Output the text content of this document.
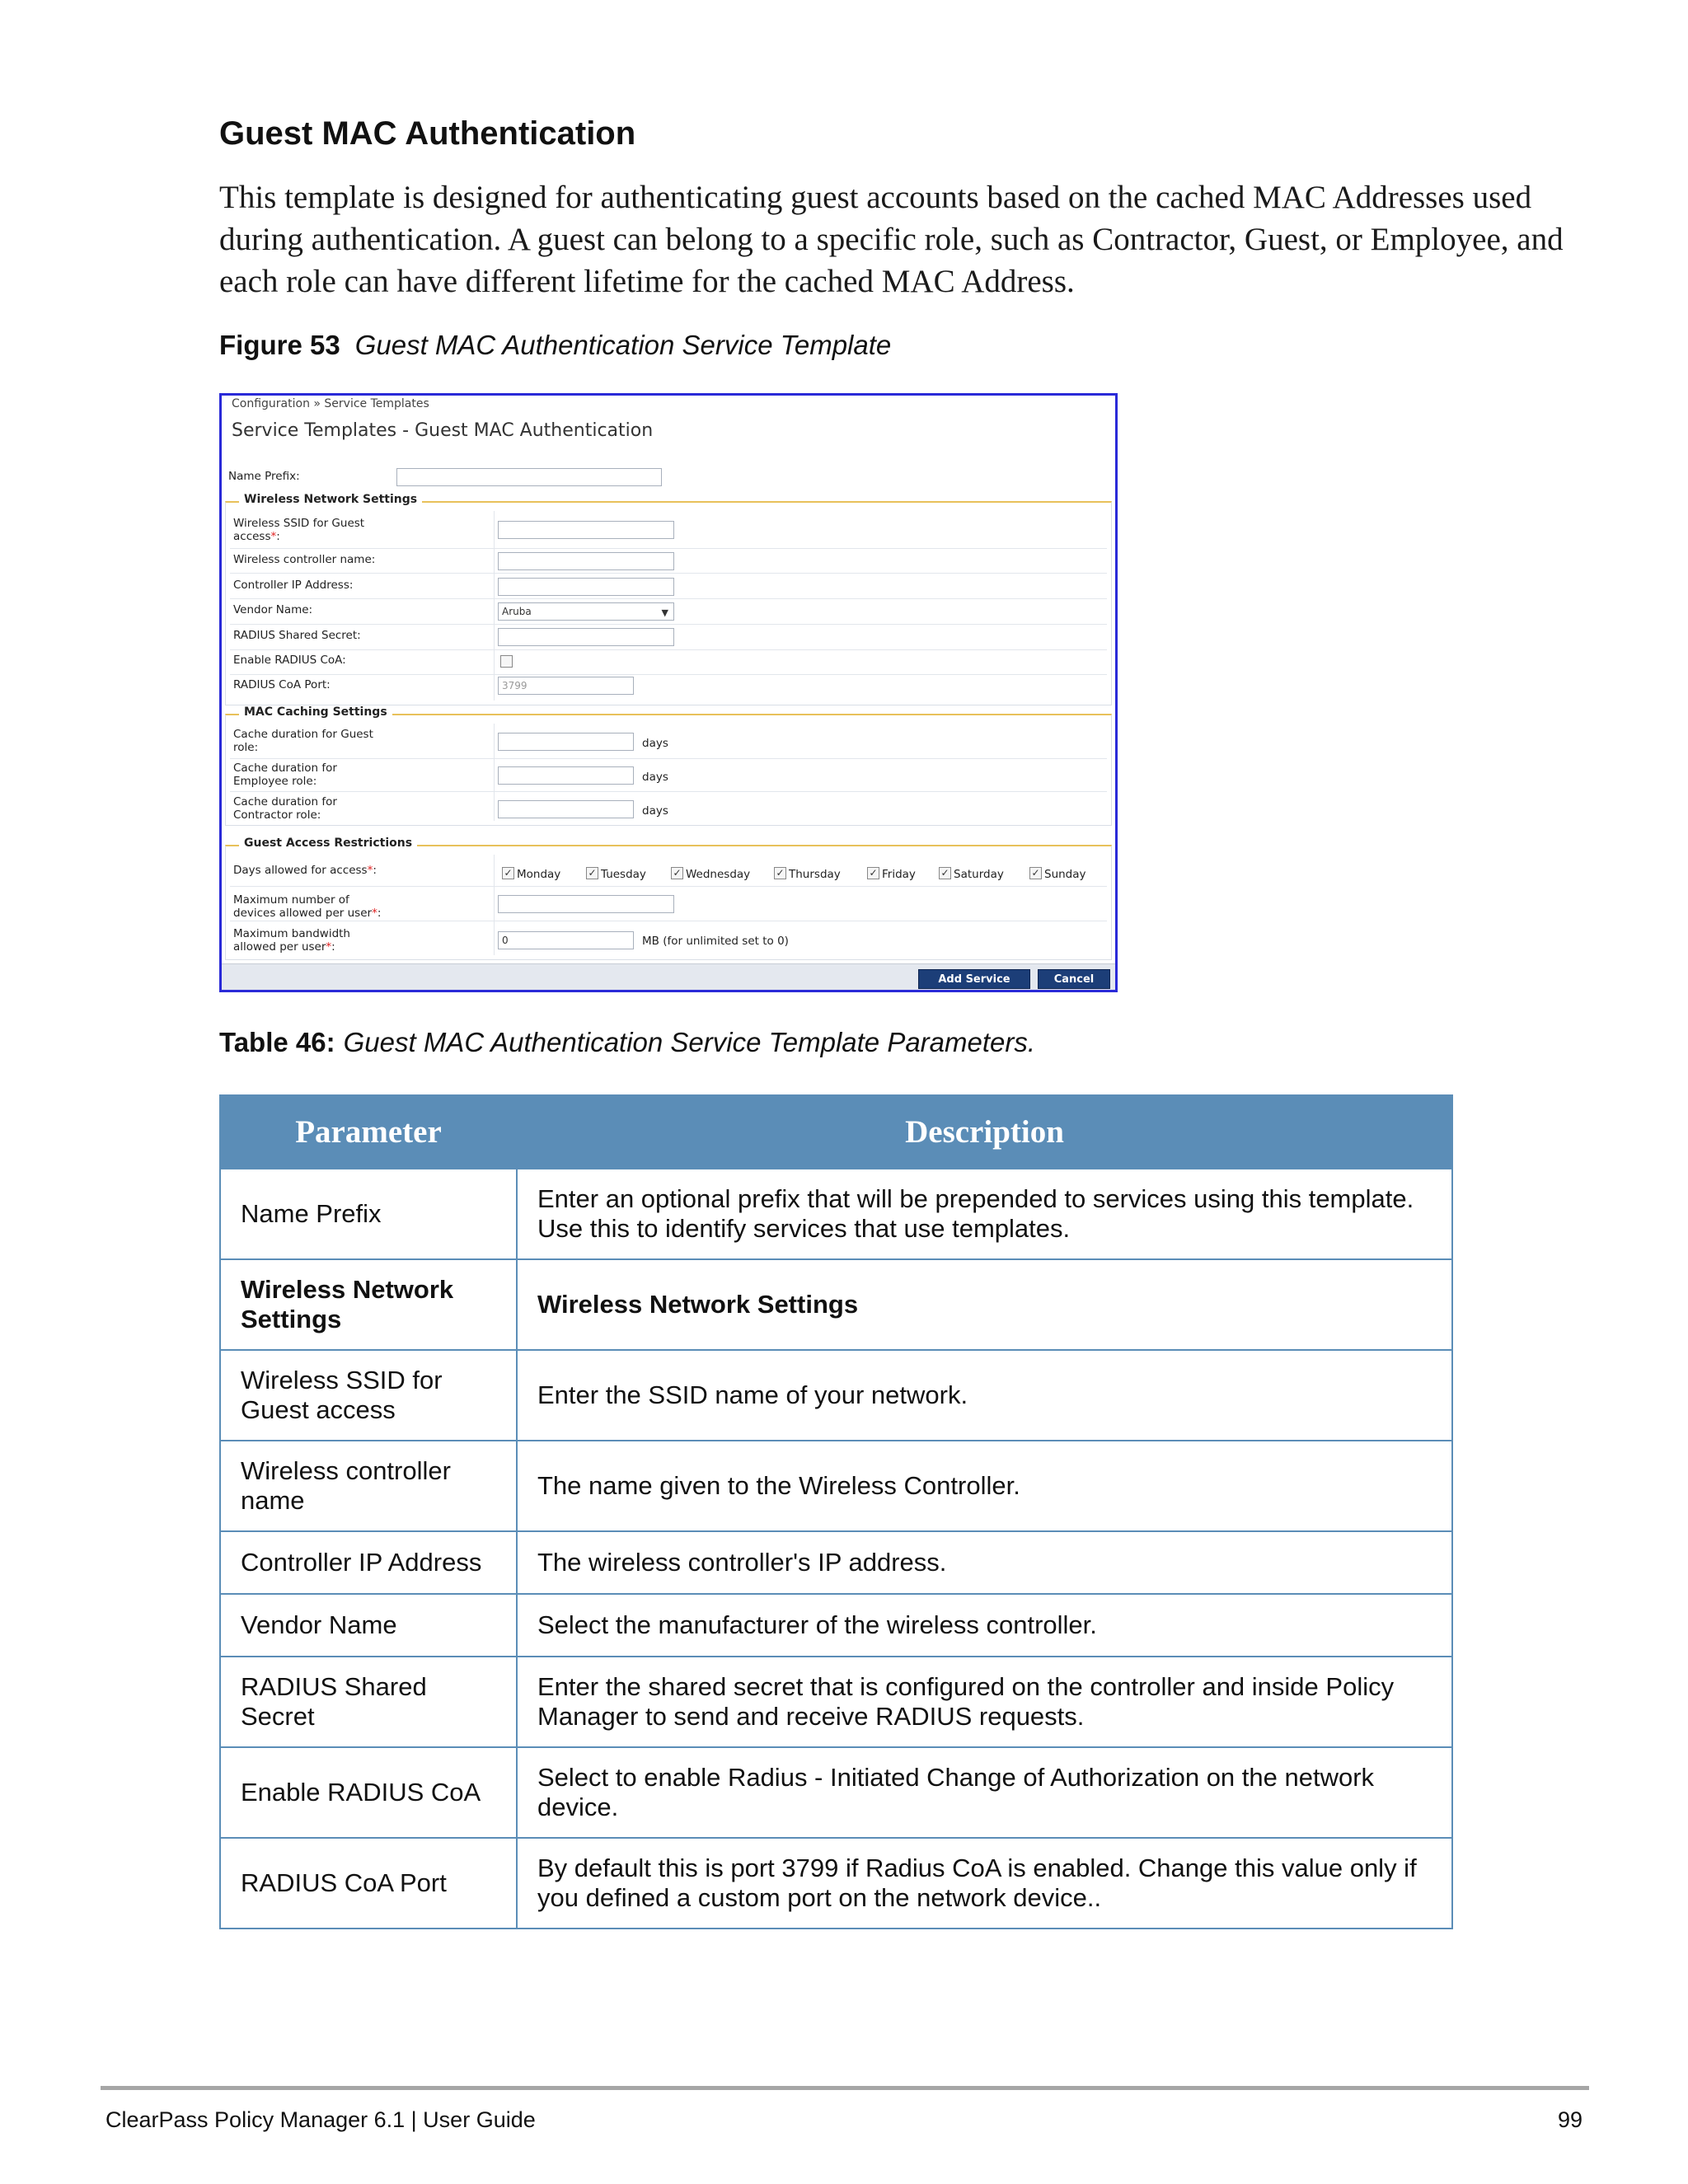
Guest MAC Authentication
This template is designed for authenticating guest accounts based on the cached MAC Addresses used during authentication. A guest can belong to a specific role, such as Contractor, Guest, or Employee, and each role can have different lifetime for the cached MAC Address.
Figure 53 Guest MAC Authentication Service Template
Configuration » Service Templates
Service Templates - Guest MAC Authentication
Name Prefix:
Wireless Network Settings
Wireless SSID for Guest
access*:
Wireless controller name:
Controller IP Address:
Vendor Name:	Aruba	▼
RADIUS Shared Secret:
Enable RADIUS CoA:
RADIUS CoA Port:	3799
MAC Caching Settings
Cache duration for Guest
role:	days
Cache duration for
Employee role:	days
Cache duration for
Contractor role:	days
Guest Access Restrictions
Days allowed for access*:	✓ Monday	✓ Tuesday	✓ Wednesday	✓ Thursday	✓ Friday	✓ Saturday	✓ Sunday
Maximum number of
devices allowed per user*:
Maximum bandwidth
allowed per user*:	0	MB (for unlimited set to 0)
Add Service	Cancel
Table 46: Guest MAC Authentication Service Template Parameters.
Parameter	Description
Name Prefix	Enter an optional prefix that will be prepended to services using this template. Use this to identify services that use templates.
Wireless Network Settings	Wireless Network Settings
Wireless SSID for Guest access	Enter the SSID name of your network.
Wireless controller name	The name given to the Wireless Controller.
Controller IP Address	The wireless controller's IP address.
Vendor Name	Select the manufacturer of the wireless controller.
RADIUS Shared Secret	Enter the shared secret that is configured on the controller and inside Policy Manager to send and receive RADIUS requests.
Enable RADIUS CoA	Select to enable Radius - Initiated Change of Authorization on the network device.
RADIUS CoA Port	By default this is port 3799 if Radius CoA is enabled. Change this value only if you defined a custom port on the network device..
ClearPass Policy Manager 6.1 | User Guide	99
